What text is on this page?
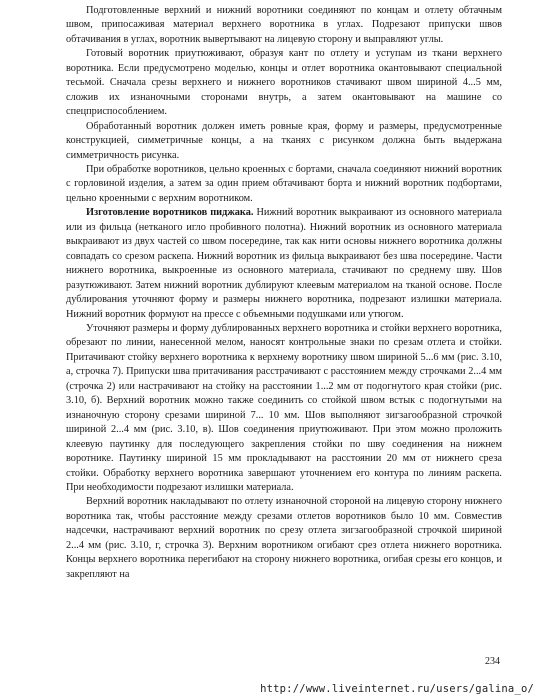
Подготовленные верхний и нижний воротники соединяют по концам и отлету обтачным швом, припосаживая материал верхнего воротника в углах. Подрезают припуски швов обтачивания в углах, воротник вывертывают на лицевую сторону и выправляют углы.

Готовый воротник приутюживают, образуя кант по отлету и уступам из ткани верхнего воротника. Если предусмотрено моделью, концы и отлет воротника окантовывают специальной тесьмой. Сначала срезы верхнего и нижнего воротников стачивают швом шириной 4...5 мм, сложив их изнаночными сторонами внутрь, а затем окантовывают на машине со спецприспособлением.

Обработанный воротник должен иметь ровные края, форму и размеры, предусмотренные конструкцией, симметричные концы, а на тканях с рисунком должна быть выдержана симметричность рисунка.

При обработке воротников, цельно кроенных с бортами, сначала соединяют нижний воротник с горловиной изделия, а затем за один прием обтачивают борта и нижний воротник подбортами, цельно кроенными с верхним воротником.

Изготовление воротников пиджака. Нижний воротник выкраивают из основного материала или из фильца (нетканого игло пробивного полотна). Нижний воротник из основного материала выкраивают из двух частей со швом посередине, так как нити основы нижнего воротника должны совпадать со срезом раскепа. Нижний воротник из фильца выкраивают без шва посередине. Части нижнего воротника, выкроенные из основного материала, стачивают по среднему шву. Шов разутюживают. Затем нижний воротник дублируют клеевым материалом на тканой основе. После дублирования уточняют форму и размеры нижнего воротника, подрезают излишки материала. Нижний воротник формуют на прессе с объемными подушками или утюгом.

Уточняют размеры и форму дублированных верхнего воротника и стойки верхнего воротника, обрезают по линии, нанесенной мелом, наносят контрольные знаки по срезам отлета и стойки. Притачивают стойку верхнего воротника к верхнему воротнику швом шириной 5...6 мм (рис. 3.10, а, строчка 7). Припуски шва притачивания расстрачивают с расстоянием между строчками 2...4 мм (строчка 2) или настрачивают на стойку на расстоянии 1...2 мм от подогнутого края стойки (рис. 3.10, б). Верхний воротник можно также соединить со стойкой швом встык с подогнутыми на изнаночную сторону срезами шириной 7... 10 мм. Шов выполняют зигзагообразной строчкой шириной 2...4 мм (рис. 3.10, в). Шов соединения приутюживают. При этом можно проложить клеевую паутинку для последующего закрепления стойки по шву соединения на нижнем воротнике. Паутинку шириной 15 мм прокладывают на расстоянии 20 мм от нижнего среза стойки. Обработку верхнего воротника завершают уточнением его контура по линиям раскепа. При необходимости подрезают излишки материала.

Верхний воротник накладывают по отлету изнаночной стороной на лицевую сторону нижнего воротника так, чтобы расстояние между срезами отлетов воротников было 10 мм. Совместив надсечки, настрачивают верхний воротник по срезу отлета зигзагообразной строчкой шириной 2...4 мм (рис. 3.10, г, строчка 3). Верхним воротником огибают срез отлета нижнего воротника. Концы верхнего воротника перегибают на сторону нижнего воротника, огибая срезы его концов, и закрепляют на

234
http://www.liveinternet.ru/users/galina_o/
